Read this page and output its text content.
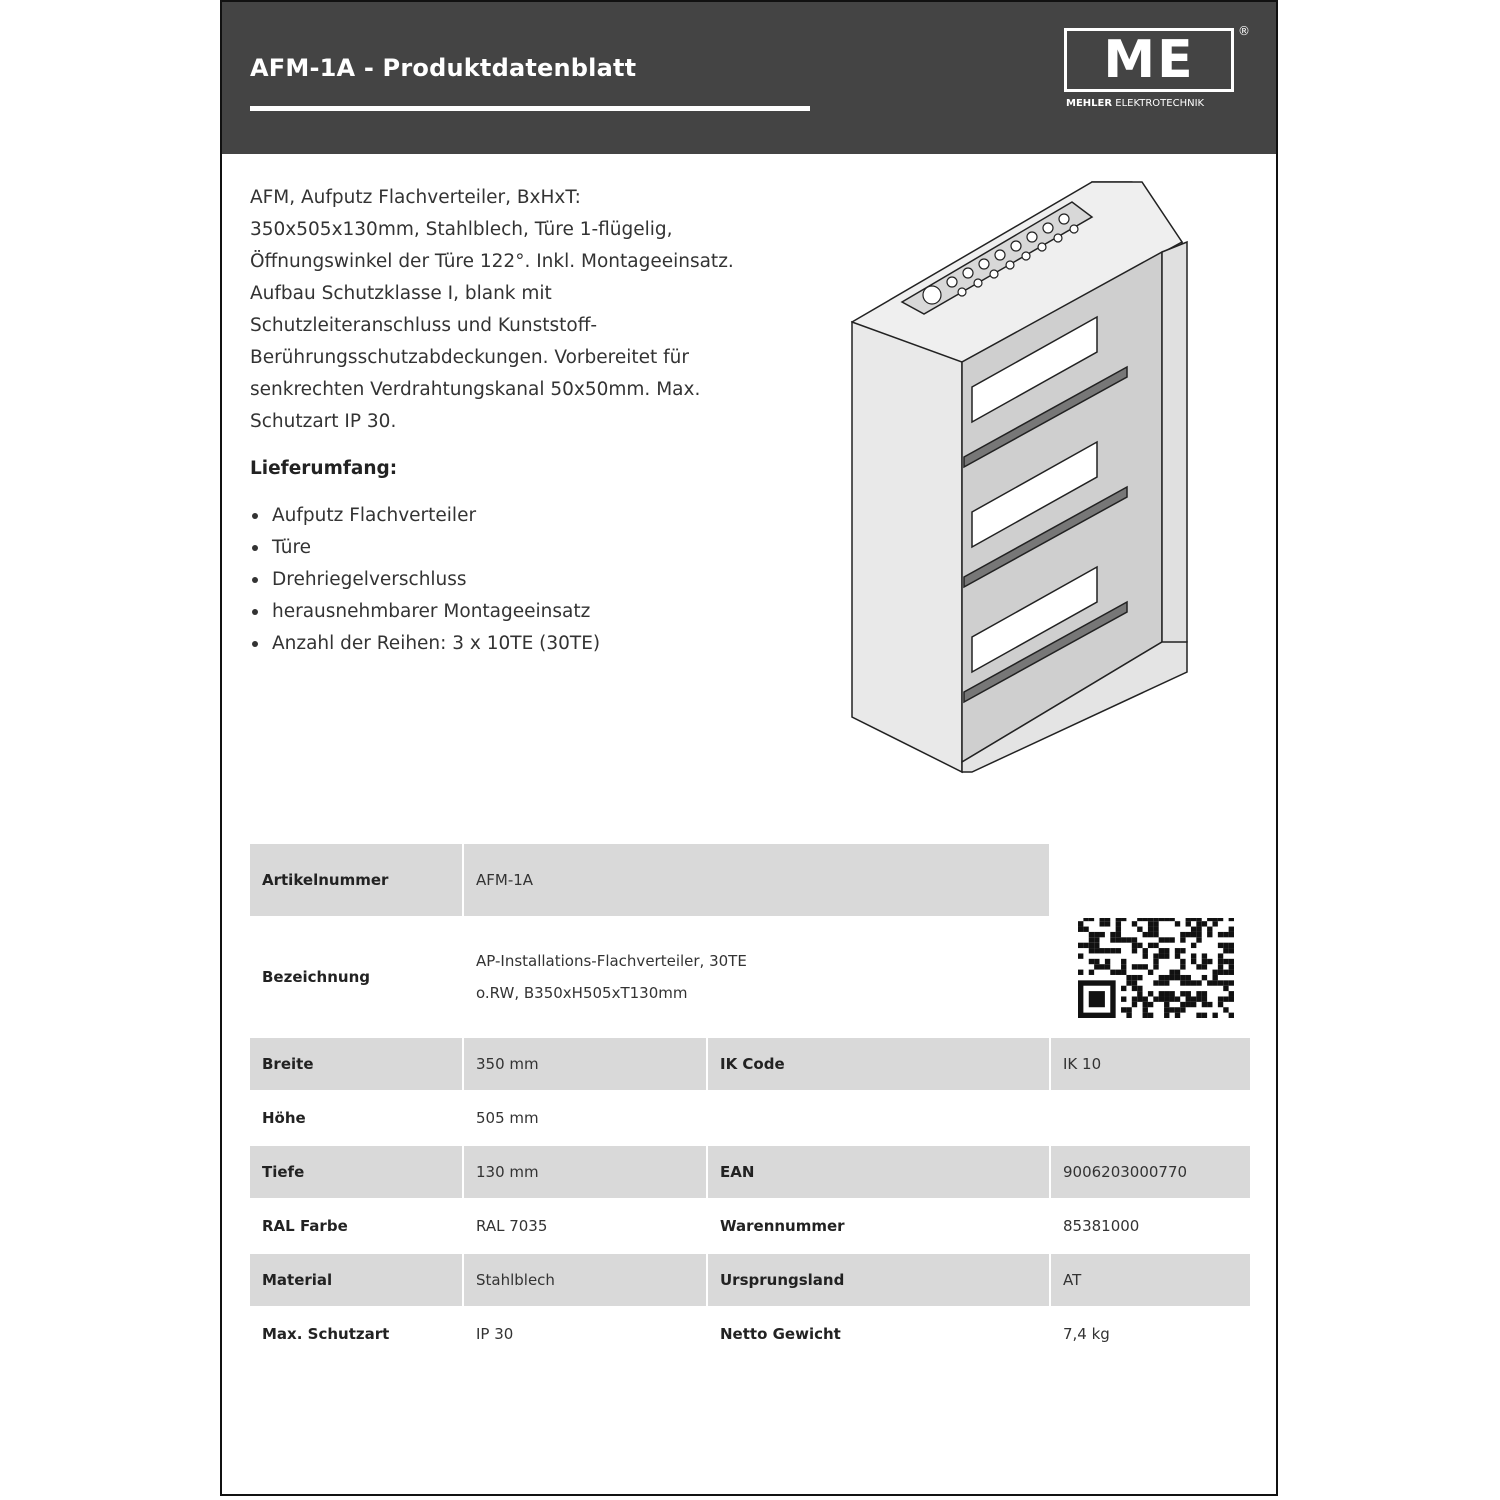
AFM-1A - Produktdatenblatt	ME	®
MEHLER ELEKTROTECHNIK

AFM, Aufputz Flachverteiler, BxHxT:

350x505x130mm, Stahlblech, Türe 1-flügelig,

Öffnungswinkel der Türe 122°. Inkl. Montageeinsatz.

Aufbau Schutzklasse I, blank mit

Schutzleiteranschluss und Kunststoff-

Berührungsschutzabdeckungen. Vorbereitet für

senkrechten Verdrahtungskanal 50x50mm. Max.

Schutzart IP 30.

Lieferumfang:
Aufputz Flachverteiler
Türe
Drehriegelverschluss
herausnehmbarer Montageeinsatz
Anzahl der Reihen: 3 x 10TE (30TE)
Artikelnummer	AFM-1A		
Bezeichnung	AP-Installations-Flachverteiler, 30TE
o.RW, B350xH505xT130mm		

Breite	350 mm	IK Code	IK 10
Höhe	505 mm		
Tiefe	130 mm	EAN	9006203000770
RAL Farbe	RAL 7035	Warennummer	85381000
Material	Stahlblech	Ursprungsland	AT
Max. Schutzart	IP 30	Netto Gewicht	7,4 kg
